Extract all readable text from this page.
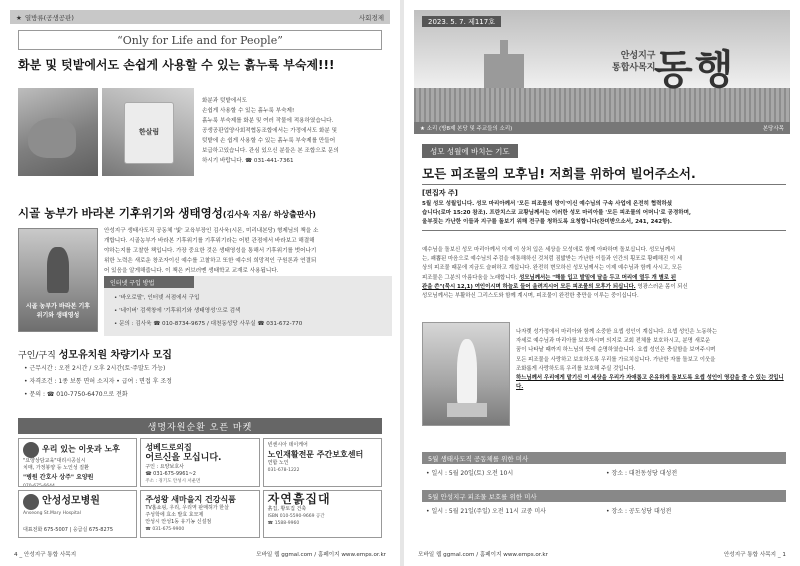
★ 열방류(공생공판)	사회경제
“Only for Life and for People”
화분 및 텃밭에서도 손쉽게 사용할 수 있는 흙누룩 부숙제!!!
한살림
화분과 텃밭에서도
손쉽게 사용할 수 있는 흙누룩 부숙제!
흙누룩 부숙제를 화분 및 여러 작물에 적용하였습니다.
공생공판업양사회적협동조합에서는 가정에서도 화분 및
텃밭에 손 쉽게 사용할 수 있는 흙누룩 부숙제를 만들어
보급하고있습니다. 관심 있으신 분들은 본 조합으로 문의
하시기 바랍니다. ☎ 031-441-7361
시골 농부가 바라본 기후위기와 생태영성(김사욱 지음/ 하상출판사)
시골 농부가 바라본 기후위기와 생태영성
안성지구 생태사도직 공동체 '빛' 교육부장인 김사욱(시몬, 미리내본당) 형제님의 책을 소
개합니다. 시골농부가 바라본 기후위기를 기후위기라는 어떤 관점에서 바라보고 해결해
야하는지를 고찰한 책입니다. 가장 중요한 것은 생태영성을 통해서 기후위기를 벗어나기
위한 노력은 새로운 창조자이신 예수를 고찰하고 또한 예수의 희망적인 구원론과 연결되
어 있음을 알게해줍니다. 이 책은 커브러멘 생태학교 교재로 사용됩니다.
인터넷 구입 방법
• '바오로딸', 인터넷 서점에서 구입
• '네이버' 검색창에 '기후위기와 생태영성'으로 검색
• 문의 : 김사욱 ☎ 010-8734-9675 / 대천동성당 사무실 ☎ 031-672-770
구인/구직 성모유치원 차량기사 모집
• 근무시간 : 오전 2시간 / 오후 2시간(토·주말도 가능)
• 자격조건 : 1종 보통 면허 소지자 • 급여 : 면접 후 조정
• 문의 : ☎ 010-7750-6470으로 전화
생명자원순환 오픈 마켓
우리 있는 이웃과 노후
"요양상담교육"대리시공실시
치매, 가정봉양 등 노인성 질환
"병원 간호사 상주" 요양원
070-675-6644
성베드로의집
어르신을 모십니다.
구인 : 요양보호사
☎ 031-675-9961~2
주소 : 경기도 안성시 서운면
빈센시아 데이케어
노인재활전문 주간보호센터
연합 노인
031-678-1222
안성성모병원
Anseong St.Mary Hospital
대표전화 675-5007 | 응급실 675-8275
주성왕 새마을지 건강식품
TV홈쇼핑, 우리, 우리역 판매허가 한살
주성학에 효소 발효 효모제
안성시 안성1동 유기농 신설점
☎ 031-675-9900
자연흙집대
흙집, 황토집 건축
ISBN 010-5590-9669 공간
☎ 1588-9960
4 _ 안성지구 통합 사목지	모바일 웹 ggmal.com / 홈페이지 www.emps.or.kr
2023. 5. 7. 제117호
안성지구
통합사목지
동행
★ 소리 (방8제 본당 및 주교들의 소리)	본당사목
성모 성월에 바치는 기도
모든 피조물의 모후님! 저희를 위하여 빌어주소서.
[편집자 주]
5월 성모 성월입니다. 성모 마리아께서 '모든 피조물의 망이'이신 예수님의 구속 사업에 온전히 협력하셨
습니다(로마 15:20 참조). 프란치스코 교황님께서는 이러한 성모 마리아를 '모든 피조물의 어머니'로 공경하며,
울부짖는 가난한 이들과 지구를 돌보기 위해 전구를 청하도록 요청합니다(찬미받으소서, 241, 242항).
예수님을 돌보신 성모 마리아께서 이제 이 상처 입은 세상을 모성애로 함께 아파하며 돌보십니다. 성모님께서
는, 괘뽑된 마음으로 예수님의 주검을 애통해하신 것처럼 짐밟받는 가난한 이들과 인간의 횡포로 황폐해진 이 세
상의 피조물 때문에 지금도 슬퍼하고 계십니다. 완전히 변모하신 성모님께서는 이제 예수님과 함께 사시고, 모든
피조물은 그분의 아름다움을 노래합니다. 성모님께서는 "해를 입고 발밑에 달을 두고 머리에 열두 개 별로 된
관을 쓴"(묵시 12,1) 여인이시며 하늘로 들어 올려지시어 모든 피조물의 모후가 되십니다. 영광스러운 몸이 되신
성모님께서는 부활하신 그리스도와 함께 계시며, 피조물이 완전한 충만을 이루는 중이십니다.
나자렛 성가정에서 마리아와 함께 소중한 요셉 성인이 계십니다. 요셉 성인은 노동하는
자세로 예수님과 마리아를 보호하시며 의지로 교회 전체를 보호하시고, 분명 새로운
꿈이 나타날 때까지 하느님의 뜻에 순명하였습니다. 요셉 성인은 충실함을 보여주시며
모든 피조물을 사랑하고 보호하도록 우리를 가르치십니다. 가난한 자를 돌보고 이웃을
조화롭게 사랑하도록 우리를 보호해 주실 것입니다.
하느님께서 우리에게 맡기신 이 세상을 우리가 자애롭고 온유하게 돌보도록 요셉 성인이 영감을 줄 수 있는 것입니다.
5월 생태사도직 공동체를 위한 미사
• 일시 : 5월 20일(토) 오전 10시	• 장소 : 대천동성당 대성전
5월 안성지구 피조물 보호를 위한 미사
• 일시 : 5월 21일(주일) 오전 11시 교중 미사	• 장소 : 공도성당 대성전
모바일 웹 ggmal.com / 홈페이지 www.emps.or.kr	안성지구 통합 사목지 _ 1
